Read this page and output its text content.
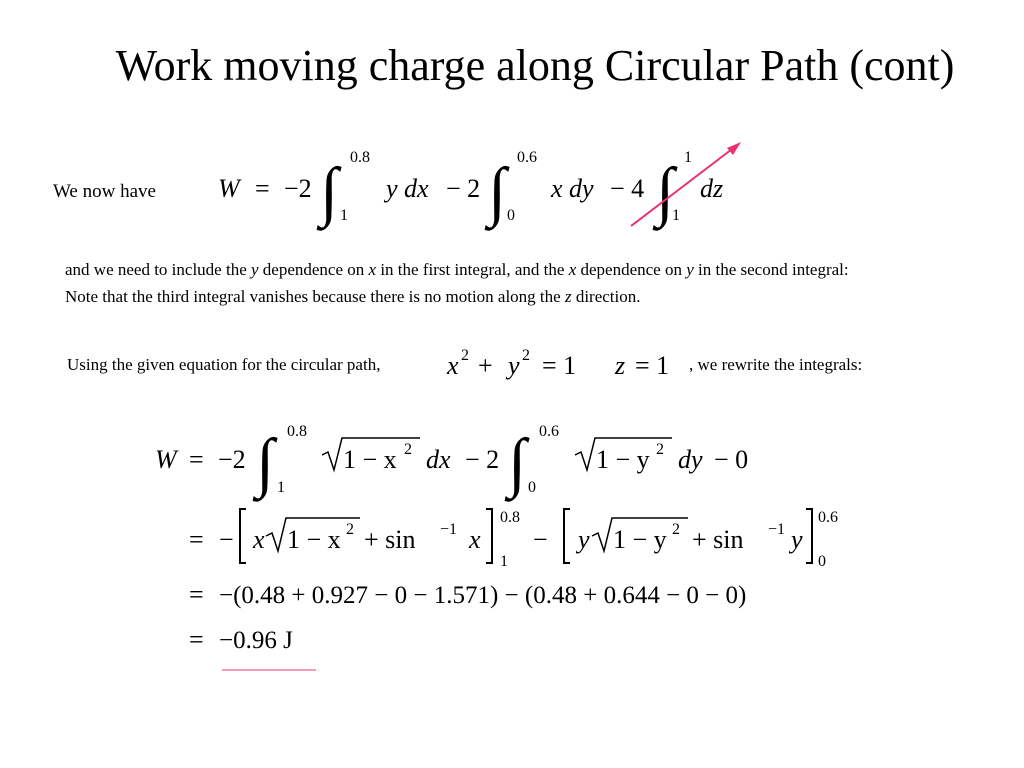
Work moving charge along Circular Path (cont)
We now have W = −2 ∫ 0.8
1
y dx − 2 ∫ 0.6
0
x dy − 4 ∫ 1
1
dz
and we need to include the y dependence on x in the first integral, and the x dependence on y in the second integral:
Note that the third integral vanishes because there is no motion along the z direction.
Using the given equation for the circular path,	, we rewrite the integrals:
x 2 + y 2 = 1 z = 1
W = −2 ∫ 0.8
1
1 − x 2 dx − 2 ∫ 0.6
0
1 − y 2 dy − 0
= − x 1 − x 2 + sin −1 x
0.8
1
− y 1 − y 2 + sin −1 y
0.6
0
= −(0.48 + 0.927 − 0 − 1.571) − (0.48 + 0.644 − 0 − 0)
= −0.96 J
